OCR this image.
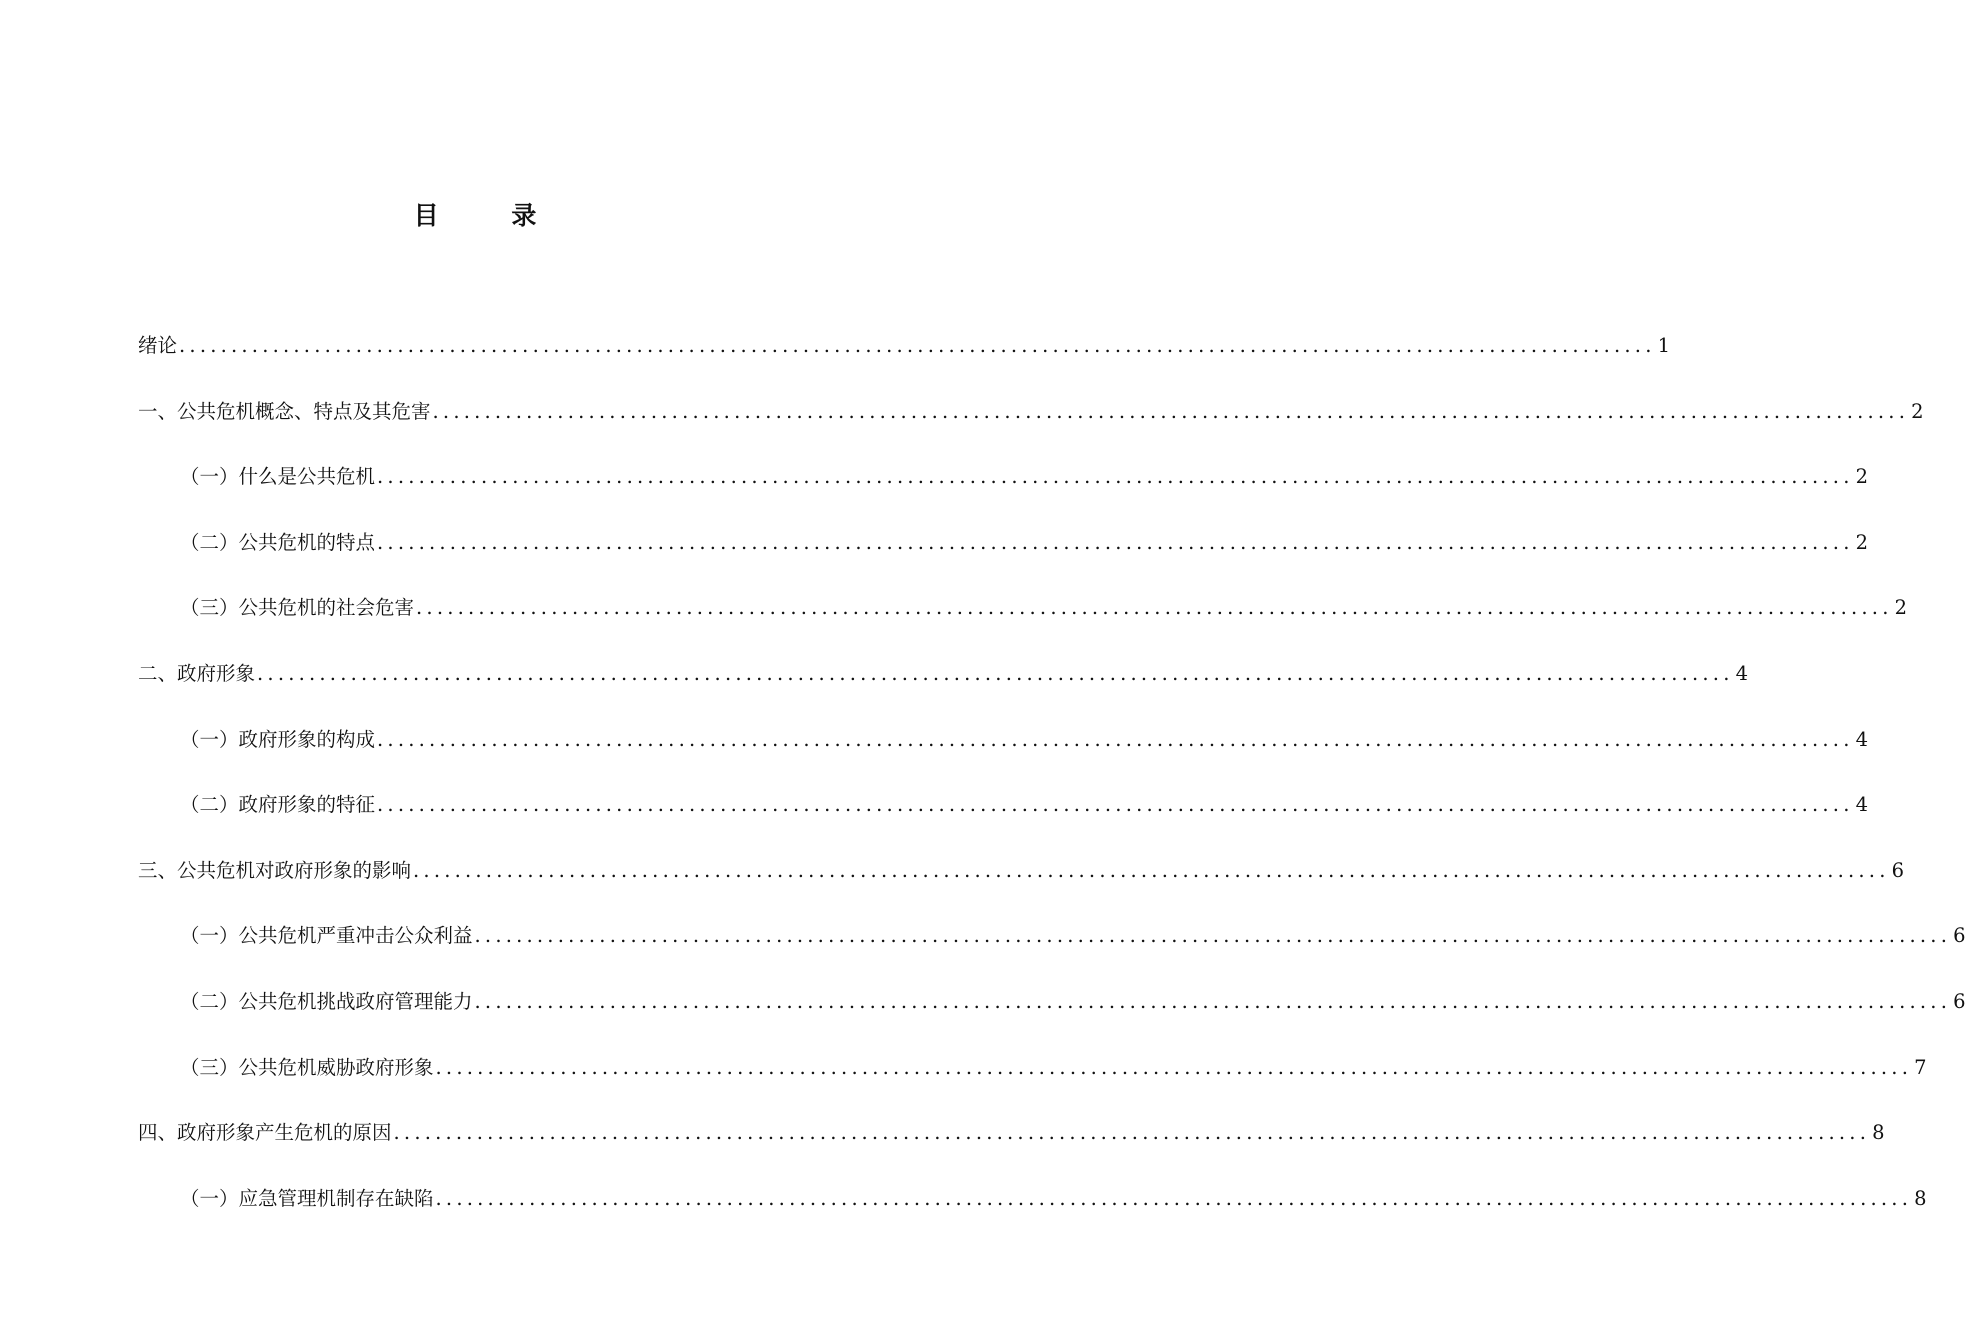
目 录
绪论 .............................................................................................................................................. 1
一、公共危机概念、特点及其危害 .............................................................................................................................................. 2
（一）什么是公共危机 .............................................................................................................................................. 2
（二）公共危机的特点 .............................................................................................................................................. 2
（三）公共危机的社会危害 .............................................................................................................................................. 2
二、政府形象 .............................................................................................................................................. 4
（一）政府形象的构成 .............................................................................................................................................. 4
（二）政府形象的特征 .............................................................................................................................................. 4
三、公共危机对政府形象的影响 .............................................................................................................................................. 6
（一）公共危机严重冲击公众利益 .............................................................................................................................................. 6
（二）公共危机挑战政府管理能力 .............................................................................................................................................. 6
（三）公共危机威胁政府形象 .............................................................................................................................................. 7
四、政府形象产生危机的原因 .............................................................................................................................................. 8
（一）应急管理机制存在缺陷 .............................................................................................................................................. 8
